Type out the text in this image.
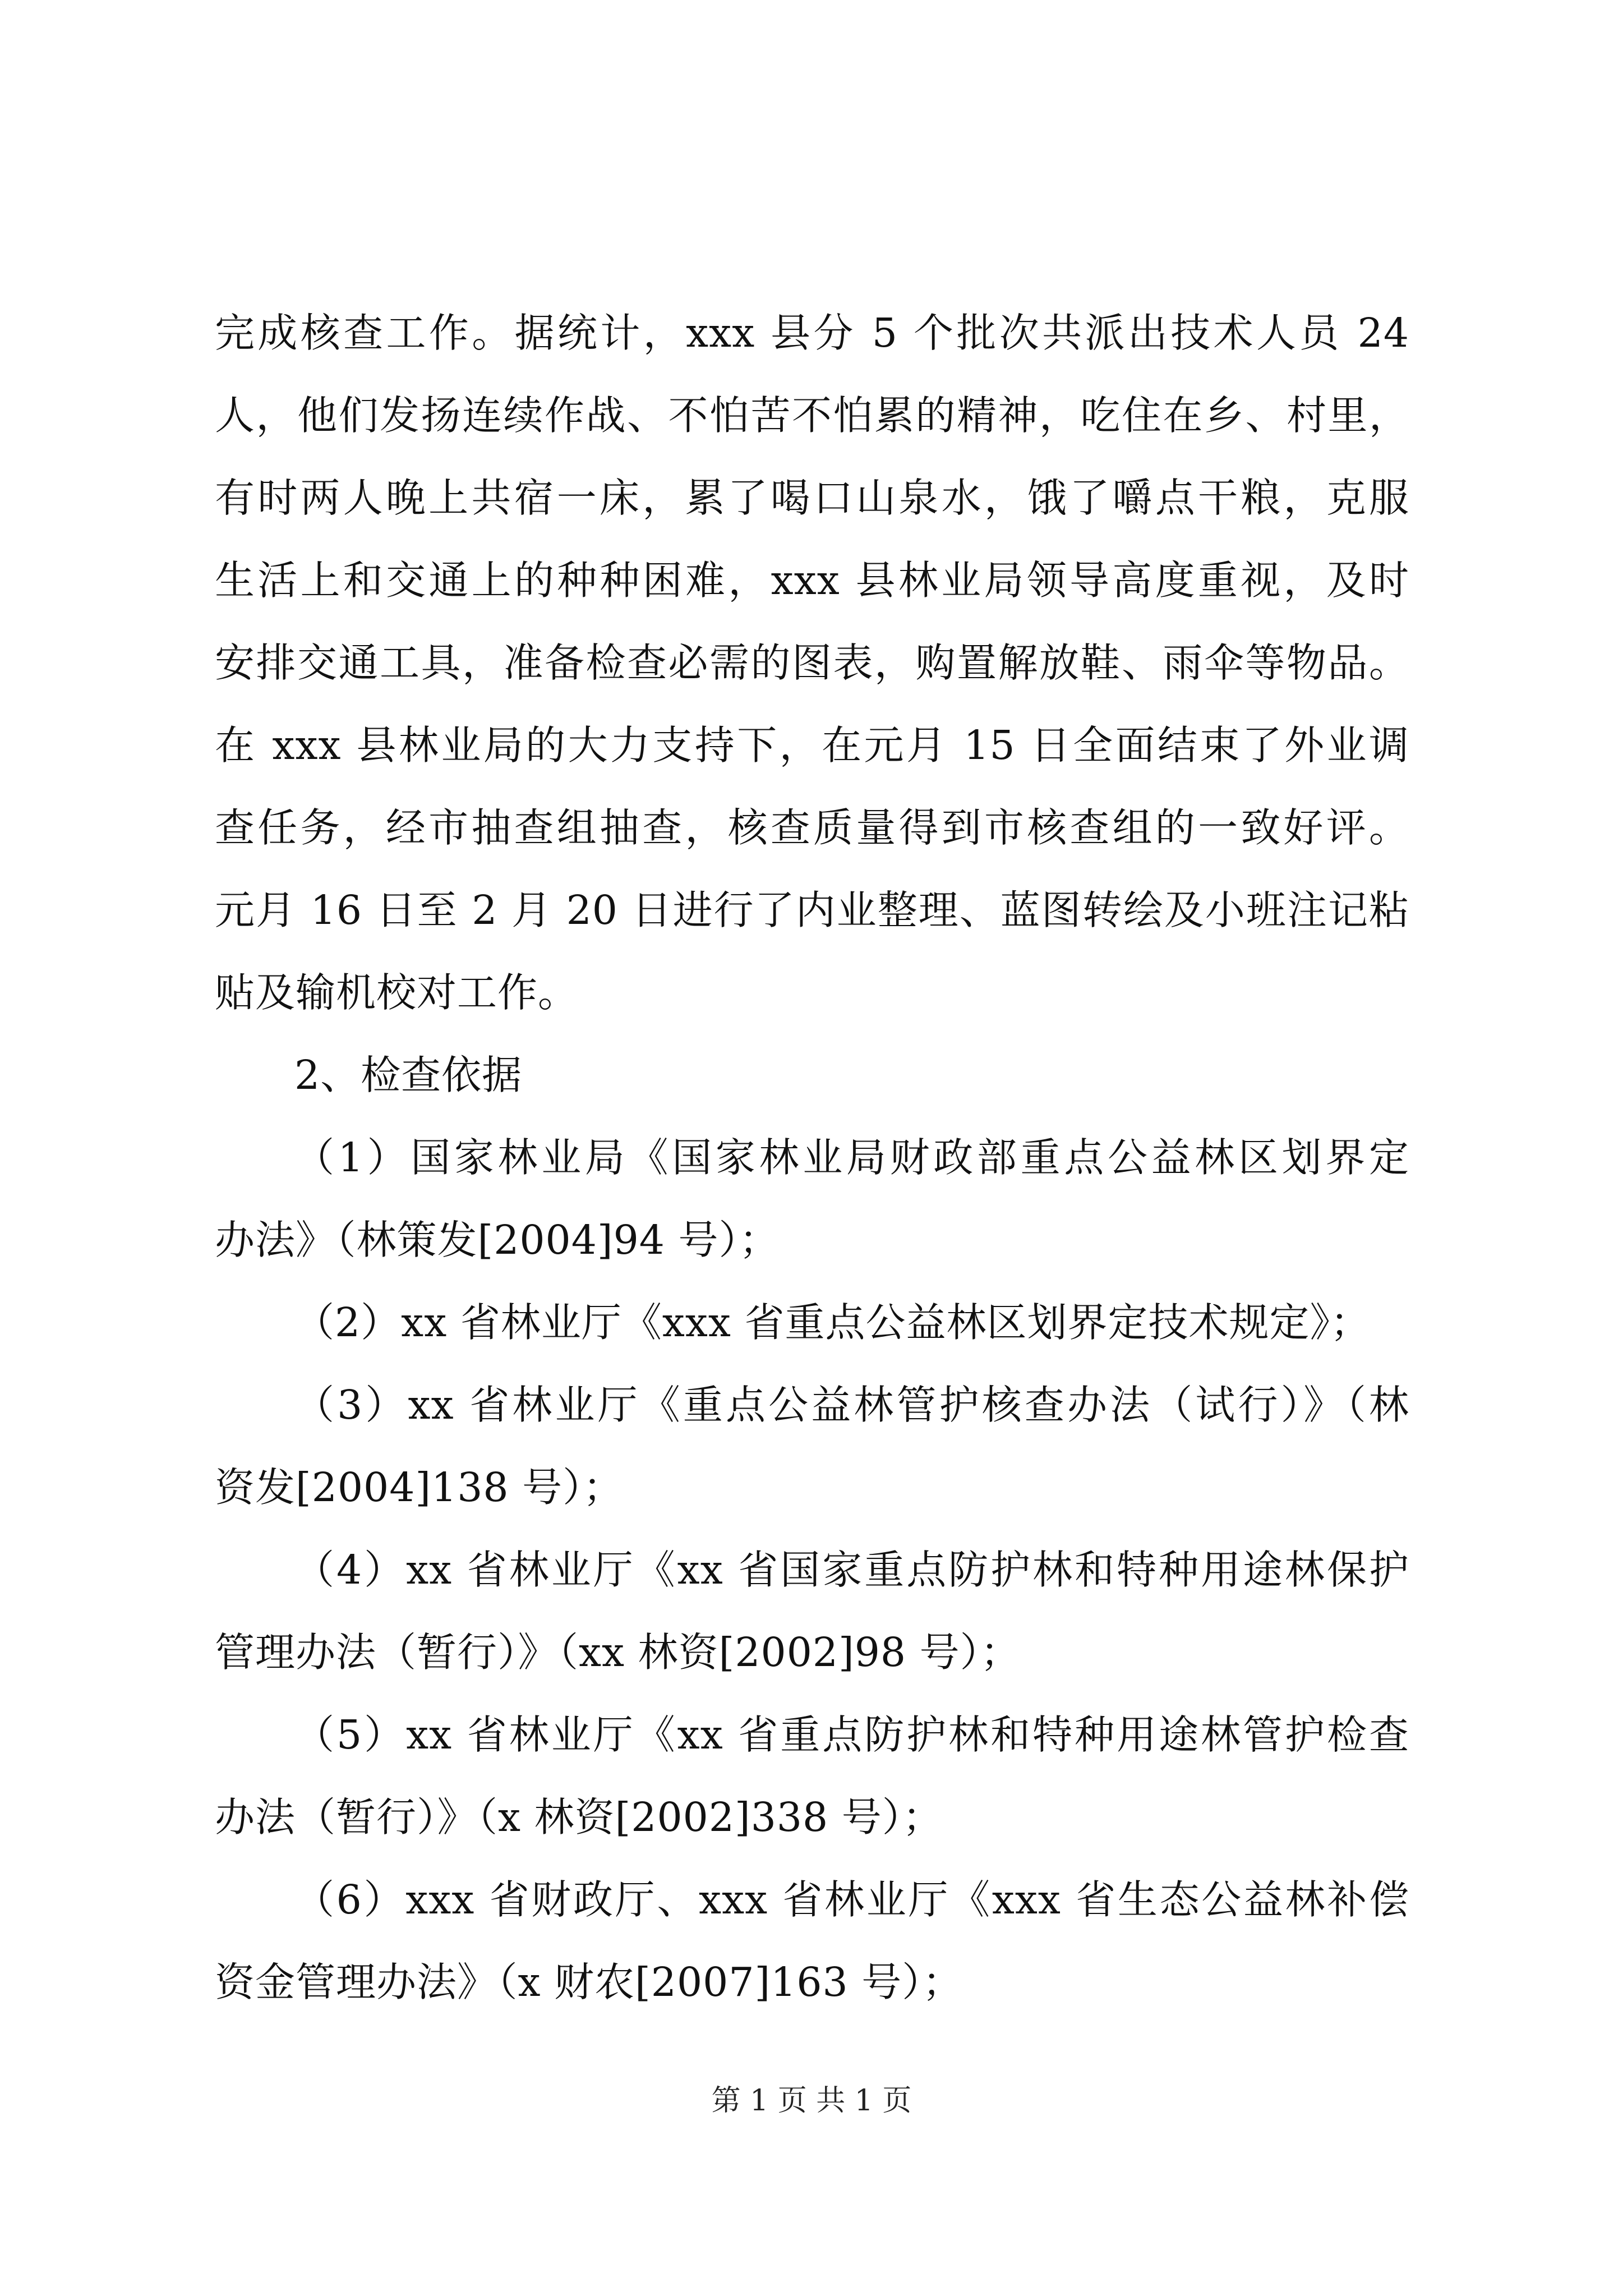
完成核查工作。据统计，xxx 县分 5 个批次共派出技术人员 24
人，他们发扬连续作战、不怕苦不怕累的精神，吃住在乡、村里，
有时两人晚上共宿一床，累了喝口山泉水，饿了嚼点干粮，克服
生活上和交通上的种种困难，xxx 县林业局领导高度重视，及时
安排交通工具，准备检查必需的图表，购置解放鞋、雨伞等物品。
在 xxx 县林业局的大力支持下，在元月 15 日全面结束了外业调
查任务，经市抽查组抽查，核查质量得到市核查组的一致好评。
元月 16 日至 2 月 20 日进行了内业整理、蓝图转绘及小班注记粘
贴及输机校对工作。
2、检查依据
（1）国家林业局《国家林业局财政部重点公益林区划界定
办法》（林策发[2004]94 号）；
（2）xx 省林业厅《xxx 省重点公益林区划界定技术规定》；
（3）xx 省林业厅《重点公益林管护核查办法（试行）》（林
资发[2004]138 号）；
（4）xx 省林业厅《xx 省国家重点防护林和特种用途林保护
管理办法（暂行）》（xx 林资[2002]98 号）；
（5）xx 省林业厅《xx 省重点防护林和特种用途林管护检查
办法（暂行）》（x 林资[2002]338 号）；
（6）xxx 省财政厅、xxx 省林业厅《xxx 省生态公益林补偿
资金管理办法》（x 财农[2007]163 号）；
第 1 页 共 1 页
